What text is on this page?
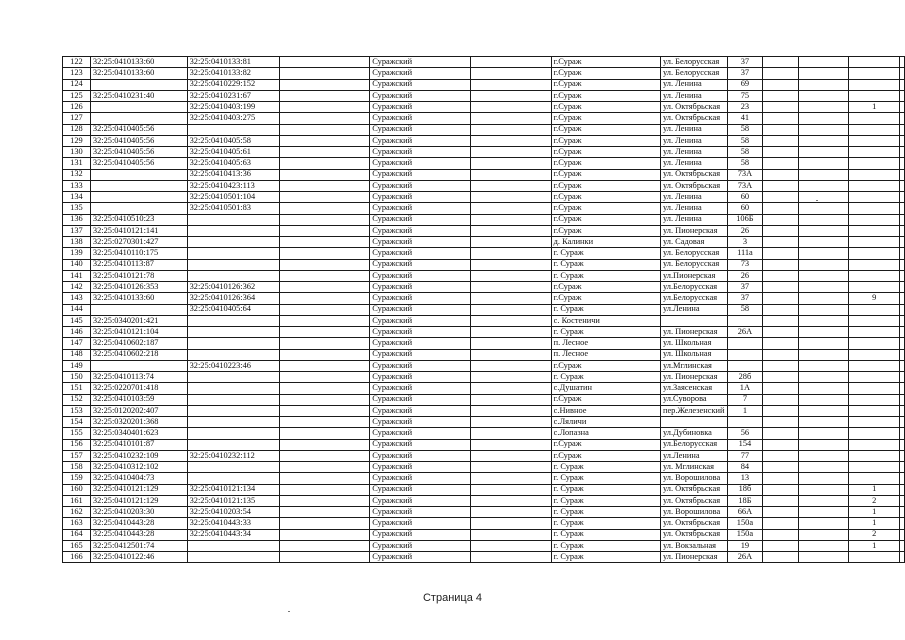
122	32:25:0410133:60	32:25:0410133:81		Суражский		г.Сураж	ул. Белорусская	37				
123	32:25:0410133:60	32:25:0410133:82		Суражский		г.Сураж	ул. Белорусская	37				
124		32:25:0410229:152		Суражский		г.Сураж	ул. Ленина	69				
125	32:25:0410231:40	32:25:0410231:67		Суражский		г.Сураж	ул. Ленина	75				
126		32:25:0410403:199		Суражский		г.Сураж	ул. Октябрьская	23			1	
127		32:25:0410403:275		Суражский		г.Сураж	ул. Октябрьская	41				
128	32:25:0410405:56			Суражский		г.Сураж	ул. Ленина	58				
129	32:25:0410405:56	32:25:0410405:58		Суражский		г.Сураж	ул. Ленина	58				
130	32:25:0410405:56	32:25:0410405:61		Суражский		г.Сураж	ул. Ленина	58				
131	32:25:0410405:56	32:25:0410405:63		Суражский		г.Сураж	ул. Ленина	58				
132		32:25:0410413:36		Суражский		г.Сураж	ул. Октябрьская	73А				
133		32:25:0410423:113		Суражский		г.Сураж	ул. Октябрьская	73А				
134		32:25:0410501:104		Суражский		г.Сураж	ул. Ленина	60				
135		32:25:0410501:83		Суражский		г.Сураж	ул. Ленина	60				
136	32:25:0410510:23			Суражский		г.Сураж	ул. Ленина	106Б				
137	32:25:0410121:141			Суражский		г.Сураж	ул. Пионерская	26				
138	32:25:0270301:427			Суражский		д. Калинки	ул. Садовая	3				
139	32:25:0410110:175			Суражский		г. Сураж	ул. Белорусская	111а				
140	32:25:0410113:87			Суражский		г. Сураж	ул. Белорусская	73				
141	32:25:0410121:78			Суражский		г. Сураж	ул.Пионерская	26				
142	32:25:0410126:353	32:25:0410126:362		Суражский		г.Сураж	ул.Белорусская	37				
143	32:25:0410133:60	32:25:0410126:364		Суражский		г.Сураж	ул.Белорусская	37			9	
144		32:25:0410405:64		Суражский		г. Сураж	ул.Ленина	58				
145	32:25:0340201:421			Суражский		с. Костеничи						
146	32:25:0410121:104			Суражский		г. Сураж	ул. Пионерская	26А				
147	32:25:0410602:187			Суражский		п. Лесное	ул. Школьная					
148	32:25:0410602:218			Суражский		п. Лесное	ул. Школьная					
149		32:25:0410223:46		Суражский		г.Сураж	ул.Мглинская					
150	32:25:0410113:74			Суражский		г. Сураж	ул. Пионерская	28б				
151	32:25:0220701:418			Суражский		с.Душатин	ул.Заясенская	1А				
152	32:25:0410103:59			Суражский		г.Сураж	ул.Суворова	7				
153	32:25:0120202:407			Суражский		с.Нивное	пер.Железенский	1				
154	32:25:0320201:368			Суражский		с.Ляличи						
155	32:25:0340401:623			Суражский		с.Лопазна	ул.Дубиновка	56				
156	32:25:0410101:87			Суражский		г.Сураж	ул.Белорусская	154				
157	32:25:0410232:109	32:25:0410232:112		Суражский		г.Сураж	ул.Ленина	77				
158	32:25:0410312:102			Суражский		г. Сураж	ул. Мглинская	84				
159	32:25:0410404:73			Суражский		г. Сураж	ул. Ворошилова	13				
160	32:25:0410121:129	32:25:0410121:134		Суражский		г. Сураж	ул. Октябрьская	18б			1	
161	32:25:0410121:129	32:25:0410121:135		Суражский		г. Сураж	ул. Октябрьская	18Б			2	
162	32:25:0410203:30	32:25:0410203:54		Суражский		г. Сураж	ул. Ворошилова	66А			1	
163	32:25:0410443:28	32:25:0410443:33		Суражский		г. Сураж	ул. Октябрьская	150а			1	
164	32:25:0410443:28	32:25:0410443:34		Суражский		г. Сураж	ул. Октябрьская	150а			2	
165	32:25:0412501:74			Суражский		г. Сураж	ул. Вокзальная	19			1	
166	32:25:0410122:46			Суражский		г. Сураж	ул. Пионерская	26А				
Страница 4
